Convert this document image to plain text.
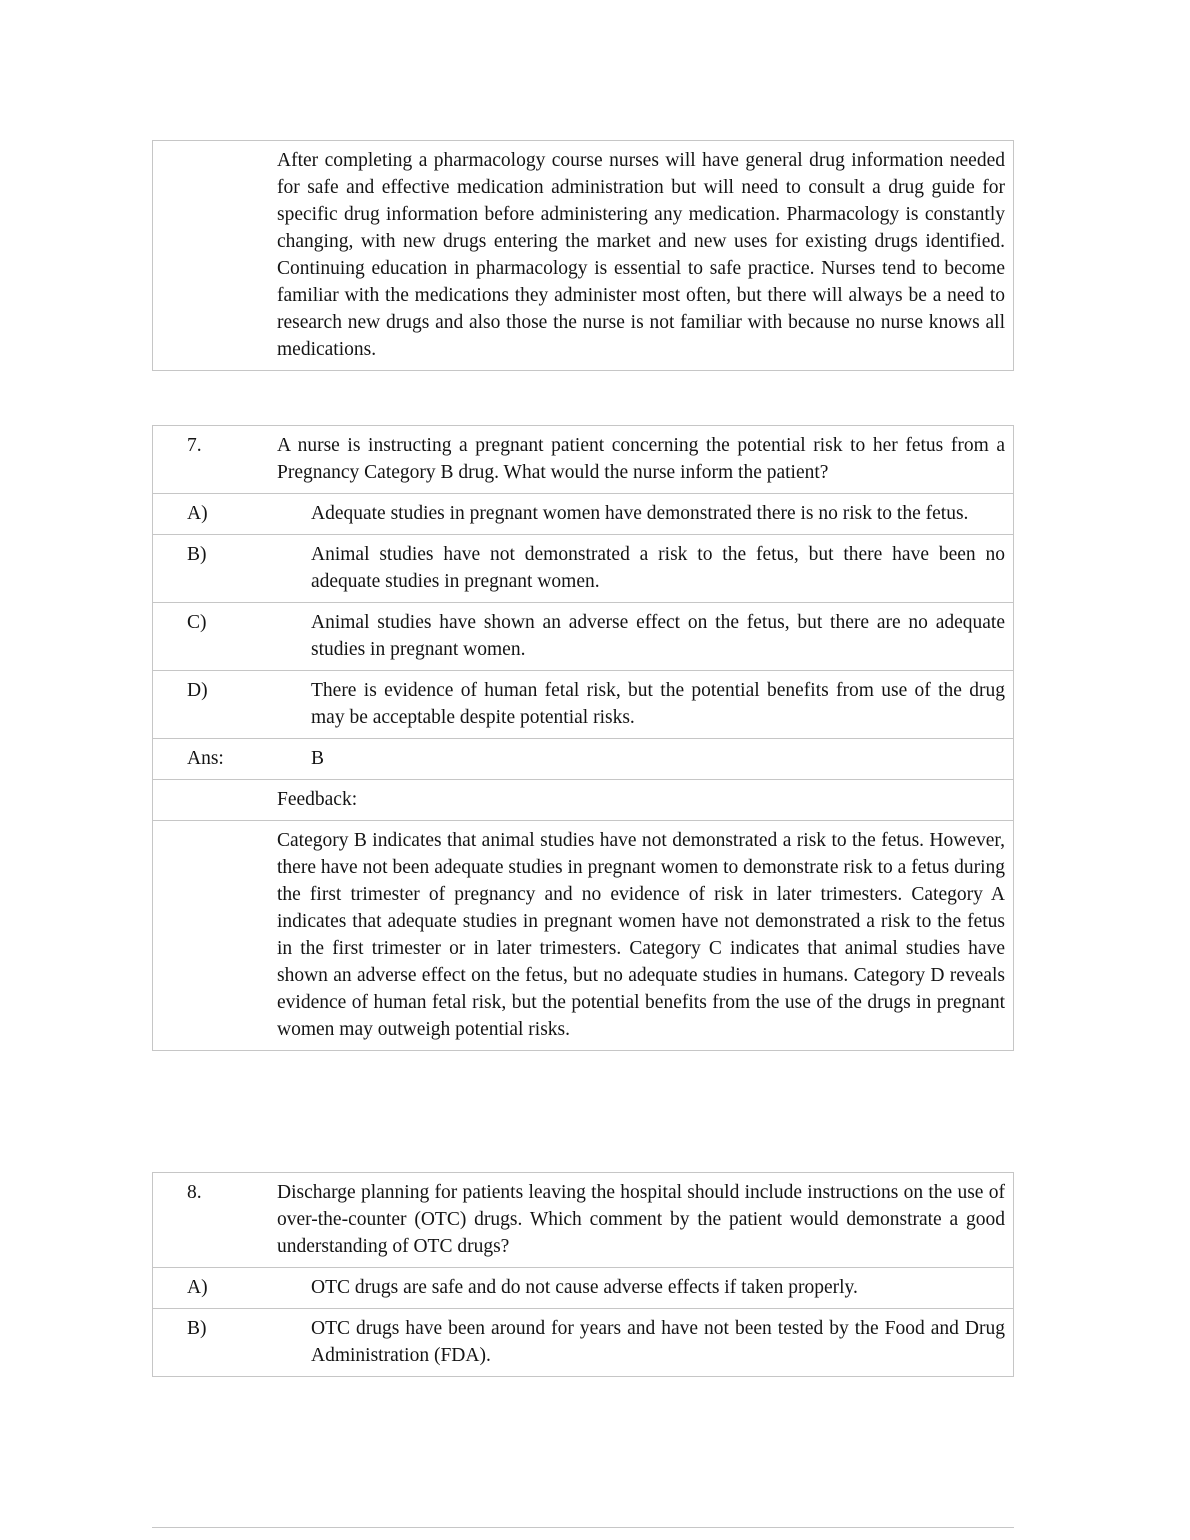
After completing a pharmacology course nurses will have general drug information needed for safe and effective medication administration but will need to consult a drug guide for specific drug information before administering any medication. Pharmacology is constantly changing, with new drugs entering the market and new uses for existing drugs identified. Continuing education in pharmacology is essential to safe practice. Nurses tend to become familiar with the medications they administer most often, but there will always be a need to research new drugs and also those the nurse is not familiar with because no nurse knows all medications.
7.	A nurse is instructing a pregnant patient concerning the potential risk to her fetus from a Pregnancy Category B drug. What would the nurse inform the patient?
A)	Adequate studies in pregnant women have demonstrated there is no risk to the fetus.
B)	Animal studies have not demonstrated a risk to the fetus, but there have been no adequate studies in pregnant women.
C)	Animal studies have shown an adverse effect on the fetus, but there are no adequate studies in pregnant women.
D)	There is evidence of human fetal risk, but the potential benefits from use of the drug may be acceptable despite potential risks.
Ans:	B
Feedback:
Category B indicates that animal studies have not demonstrated a risk to the fetus. However, there have not been adequate studies in pregnant women to demonstrate risk to a fetus during the first trimester of pregnancy and no evidence of risk in later trimesters. Category A indicates that adequate studies in pregnant women have not demonstrated a risk to the fetus in the first trimester or in later trimesters. Category C indicates that animal studies have shown an adverse effect on the fetus, but no adequate studies in humans. Category D reveals evidence of human fetal risk, but the potential benefits from the use of the drugs in pregnant women may outweigh potential risks.
8.	Discharge planning for patients leaving the hospital should include instructions on the use of over-the-counter (OTC) drugs. Which comment by the patient would demonstrate a good understanding of OTC drugs?
A)	OTC drugs are safe and do not cause adverse effects if taken properly.
B)	OTC drugs have been around for years and have not been tested by the Food and Drug Administration (FDA).
